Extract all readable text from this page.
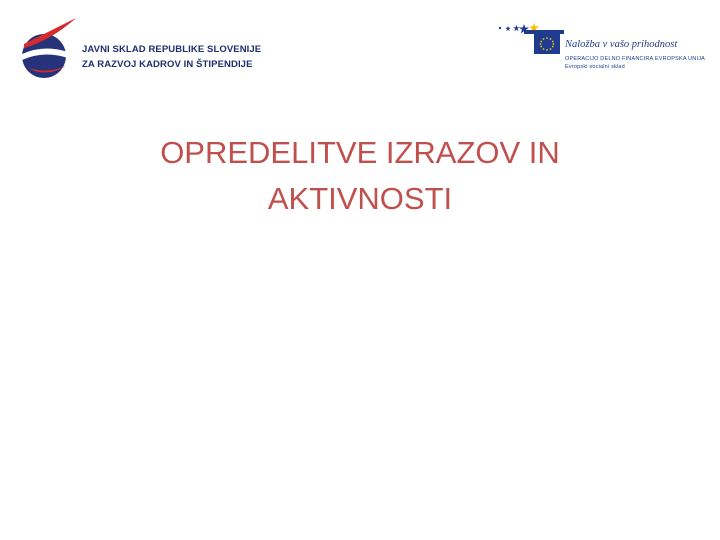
JAVNI SKLAD REPUBLIKE SLOVENIJE
ZA RAZVOJ KADROV IN ŠTIPENDIJE
Naložba v vašo prihodnost
OPERACIJO DELNO FINANCIRA EVROPSKA UNIJA
Evropski socialni sklad
OPREDELITVE IZRAZOV IN
AKTIVNOSTI
